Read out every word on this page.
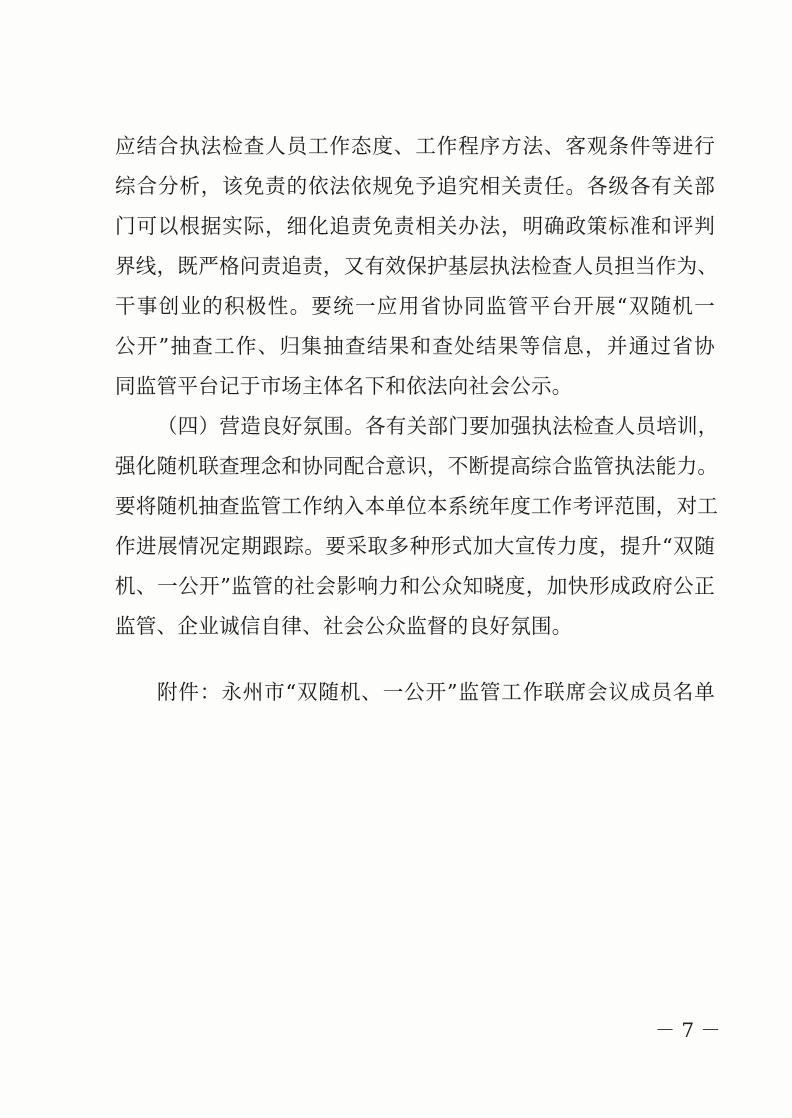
应结合执法检查人员工作态度、工作程序方法、客观条件等进行
综合分析，该免责的依法依规免予追究相关责任。各级各有关部
门可以根据实际，细化追责免责相关办法，明确政策标准和评判
界线，既严格问责追责，又有效保护基层执法检查人员担当作为、
干事创业的积极性。要统一应用省协同监管平台开展“双随机一
公开”抽查工作、归集抽查结果和查处结果等信息，并通过省协
同监管平台记于市场主体名下和依法向社会公示。
（四）营造良好氛围。各有关部门要加强执法检查人员培训，
强化随机联查理念和协同配合意识，不断提高综合监管执法能力。
要将随机抽查监管工作纳入本单位本系统年度工作考评范围，对工
作进展情况定期跟踪。要采取多种形式加大宣传力度，提升“双随
机、一公开”监管的社会影响力和公众知晓度，加快形成政府公正
监管、企业诚信自律、社会公众监督的良好氛围。
附件：永州市“双随机、一公开”监管工作联席会议成员名单
－ 7 －
